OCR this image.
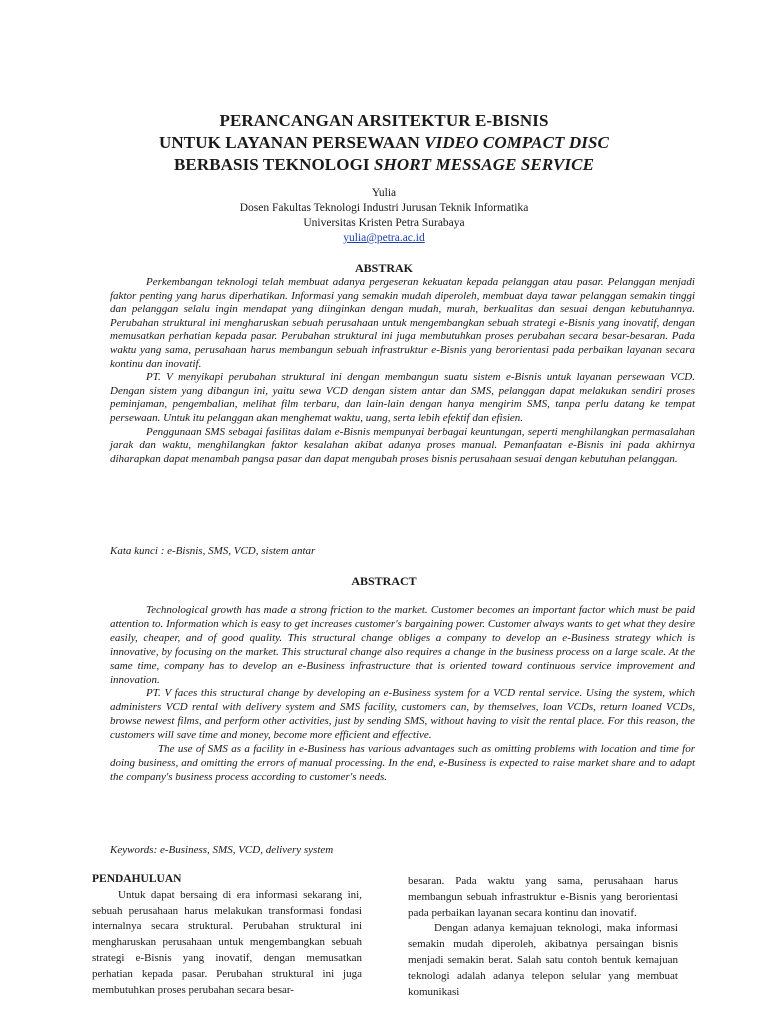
PERANCANGAN ARSITEKTUR E-BISNIS
UNTUK LAYANAN PERSEWAAN VIDEO COMPACT DISC
BERBASIS TEKNOLOGI SHORT MESSAGE SERVICE
Yulia
Dosen Fakultas Teknologi Industri Jurusan Teknik Informatika
Universitas Kristen Petra Surabaya
yulia@petra.ac.id
ABSTRAK

Perkembangan teknologi telah membuat adanya pergeseran kekuatan kepada pelanggan atau pasar. Pelanggan menjadi faktor penting yang harus diperhatikan. Informasi yang semakin mudah diperoleh, membuat daya tawar pelanggan semakin tinggi dan pelanggan selalu ingin mendapat yang diinginkan dengan mudah, murah, berkualitas dan sesuai dengan kebutuhannya. Perubahan struktural ini mengharuskan sebuah perusahaan untuk mengembangkan sebuah strategi e-Bisnis yang inovatif, dengan memusatkan perhatian kepada pasar. Perubahan struktural ini juga membutuhkan proses perubahan secara besar-besaran. Pada waktu yang sama, perusahaan harus membangun sebuah infrastruktur e-Bisnis yang berorientasi pada perbaikan layanan secara kontinu dan inovatif.

PT. V menyikapi perubahan struktural ini dengan membangun suatu sistem e-Bisnis untuk layanan persewaan VCD. Dengan sistem yang dibangun ini, yaitu sewa VCD dengan sistem antar dan SMS, pelanggan dapat melakukan sendiri proses peminjaman, pengembalian, melihat film terbaru, dan lain-lain dengan hanya mengirim SMS, tanpa perlu datang ke tempat persewaan. Untuk itu pelanggan akan menghemat waktu, uang, serta lebih efektif dan efisien.

Penggunaan SMS sebagai fasilitas dalam e-Bisnis mempunyai berbagai keuntungan, seperti menghilangkan permasalahan jarak dan waktu, menghilangkan faktor kesalahan akibat adanya proses manual. Pemanfaatan e-Bisnis ini pada akhirnya diharapkan dapat menambah pangsa pasar dan dapat mengubah proses bisnis perusahaan sesuai dengan kebutuhan pelanggan.

Kata kunci : e-Bisnis, SMS, VCD, sistem antar
ABSTRACT

Technological growth has made a strong friction to the market. Customer becomes an important factor which must be paid attention to. Information which is easy to get increases customer's bargaining power. Customer always wants to get what they desire easily, cheaper, and of good quality. This structural change obliges a company to develop an e-Business strategy which is innovative, by focusing on the market. This structural change also requires a change in the business process on a large scale. At the same time, company has to develop an e-Business infrastructure that is oriented toward continuous service improvement and innovation.

PT. V faces this structural change by developing an e-Business system for a VCD rental service. Using the system, which administers VCD rental with delivery system and SMS facility, customers can, by themselves, loan VCDs, return loaned VCDs, browse newest films, and perform other activities, just by sending SMS, without having to visit the rental place. For this reason, the customers will save time and money, become more efficient and effective.

The use of SMS as a facility in e-Business has various advantages such as omitting problems with location and time for doing business, and omitting the errors of manual processing. In the end, e-Business is expected to raise market share and to adapt the company's business process according to customer's needs.

Keywords: e-Business, SMS, VCD, delivery system
PENDAHULUAN

Untuk dapat bersaing di era informasi sekarang ini, sebuah perusahaan harus melakukan transformasi fondasi internalnya secara struktural. Perubahan struktural ini mengharuskan perusahaan untuk mengembangkan sebuah strategi e-Bisnis yang inovatif, dengan memusatkan perhatian kepada pasar. Perubahan struktural ini juga membutuhkan proses perubahan secara besar-

besaran. Pada waktu yang sama, perusahaan harus membangun sebuah infrastruktur e-Bisnis yang berorientasi pada perbaikan layanan secara kontinu dan inovatif.

Dengan adanya kemajuan teknologi, maka informasi semakin mudah diperoleh, akibatnya persaingan bisnis menjadi semakin berat. Salah satu contoh bentuk kemajuan teknologi adalah adanya telepon selular yang membuat komunikasi
